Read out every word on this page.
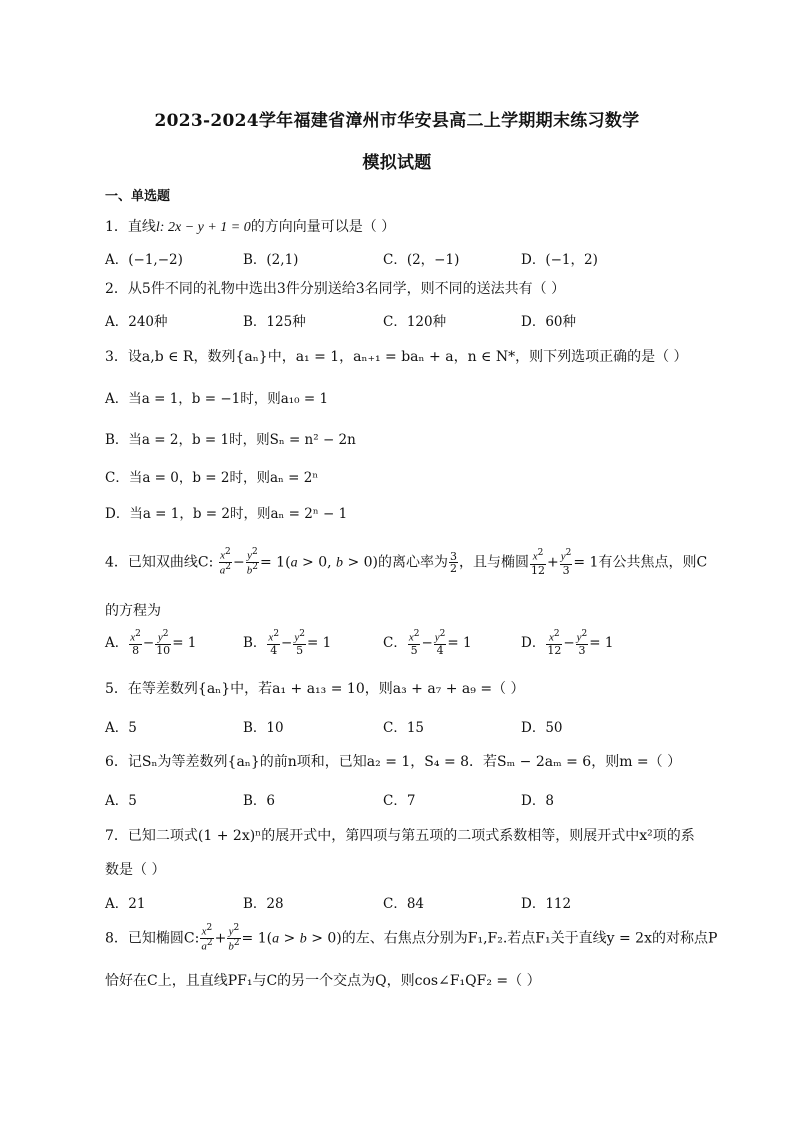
2023-2024学年福建省漳州市华安县高二上学期期末练习数学
模拟试题
一、单选题
1．直线l: 2x − y + 1 = 0的方向向量可以是（ ）
A．(−1,−2)	B．(2,1)	C．(2，−1)	D．(−1，2)
2．从5件不同的礼物中选出3件分别送给3名同学，则不同的送法共有（ ）
A．240种	B．125种	C．120种	D．60种
3．设a,b ∈ R，数列{aₙ}中，a₁ = 1，aₙ₊₁ = baₙ + a，n ∈ N*，则下列选项正确的是（ ）
A．当a = 1，b = −1时，则a₁₀ = 1
B．当a = 2，b = 1时，则Sₙ = n² − 2n
C．当a = 0，b = 2时，则aₙ = 2ⁿ
D．当a = 1，b = 2时，则aₙ = 2ⁿ − 1
4．已知双曲线C: $\frac{x^2}{a^2} - \frac{y^2}{b^2} = 1(a > 0$, b > 0)的离心率为 $\frac{3}{2}$ ，且与椭圆 $\frac{x^2}{12} + \frac{y^2}{3} = 1$有公共焦点，则C
的方程为
A． $\frac{x^2}{8} - \frac{y^2}{10} = 1$	B． $\frac{x^2}{4} - \frac{y^2}{5} = 1$	C． $\frac{x^2}{5} - \frac{y^2}{4} = 1$	D． $\frac{x^2}{12} - \frac{y^2}{3} = 1$
5．在等差数列{aₙ}中，若a₁ + a₁₃ = 10，则a₃ + a₇ + a₉ =（ ）
A．5	B．10	C．15	D．50
6．记Sₙ为等差数列{aₙ}的前n项和，已知a₂ = 1，S₄ = 8．若Sₘ − 2aₘ = 6，则m =（ ）
A．5	B．6	C．7	D．8
7．已知二项式(1 + 2x)ⁿ的展开式中，第四项与第五项的二项式系数相等，则展开式中x²项的系
数是（ ）
A．21	B．28	C．84	D．112
8．已知椭圆C: $\frac{x^2}{a^2} + \frac{y^2}{b^2} = 1(a > b > 0)$的左、右焦点分别为F₁,F₂.若点F₁关于直线y = 2x的对称点P
恰好在C上，且直线PF₁与C的另一个交点为Q，则cos∠F₁QF₂ =（ ）
